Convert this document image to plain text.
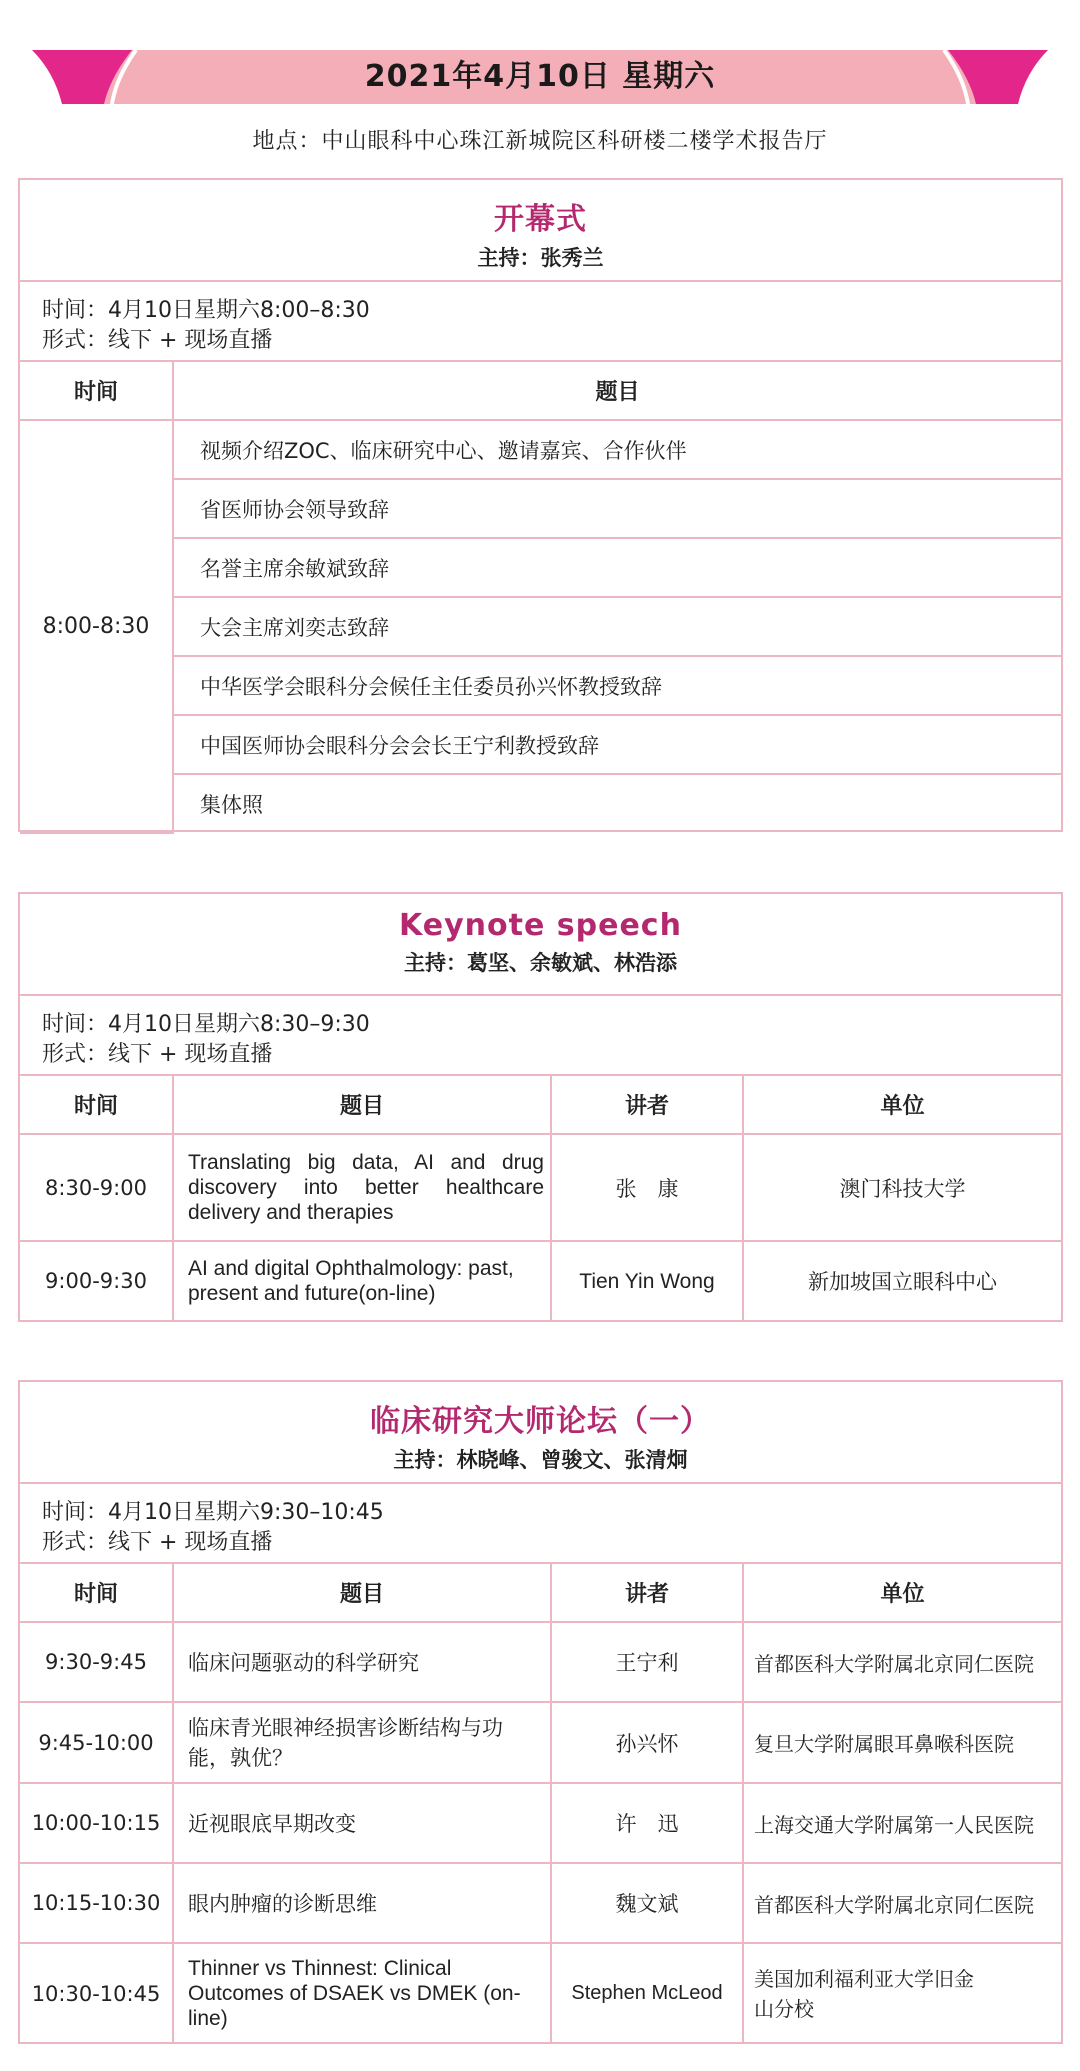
2021年4月10日 星期六
地点：中山眼科中心珠江新城院区科研楼二楼学术报告厅
开幕式
主持：张秀兰
时间：4月10日星期六8:00–8:30
形式：线下 + 现场直播
时间	题目
8:00-8:30	视频介绍ZOC、临床研究中心、邀请嘉宾、合作伙伴
	省医师协会领导致辞
	名誉主席余敏斌致辞
	大会主席刘奕志致辞
	中华医学会眼科分会候任主任委员孙兴怀教授致辞
	中国医师协会眼科分会会长王宁利教授致辞
	集体照
Keynote speech
主持：葛坚、余敏斌、林浩添
时间：4月10日星期六8:30–9:30
形式：线下 + 现场直播
时间	题目	讲者	单位
8:30-9:00	Translating big data, AI and drug discovery into better healthcare delivery and therapies	张　康	澳门科技大学
9:00-9:30	AI and digital Ophthalmology: past, present and future(on-line)	Tien Yin Wong	新加坡国立眼科中心
临床研究大师论坛（一）
主持：林晓峰、曾骏文、张清炯
时间：4月10日星期六9:30–10:45
形式：线下 + 现场直播
时间	题目	讲者	单位
9:30-9:45	临床问题驱动的科学研究	王宁利	首都医科大学附属北京同仁医院
9:45-10:00	临床青光眼神经损害诊断结构与功能，孰优？	孙兴怀	复旦大学附属眼耳鼻喉科医院
10:00-10:15	近视眼底早期改变	许　迅	上海交通大学附属第一人民医院
10:15-10:30	眼内肿瘤的诊断思维	魏文斌	首都医科大学附属北京同仁医院
10:30-10:45	Thinner vs Thinnest: Clinical Outcomes of DSAEK vs DMEK (on-line)	Stephen McLeod	美国加利福利亚大学旧金山分校
